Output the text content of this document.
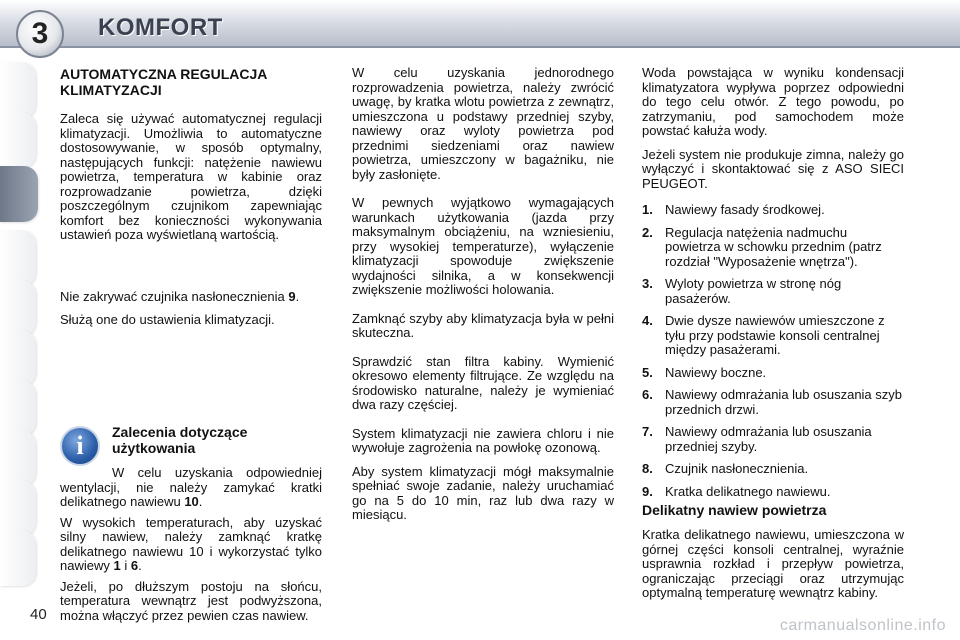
3	KOMFORT
AUTOMATYCZNA REGULACJA KLIMATYZACJI

Zaleca się używać automatycznej regulacji klimatyzacji. Umożliwia to automatyczne dostosowywanie, w sposób optymalny, następujących funkcji: natężenie nawiewu powietrza, temperatura w kabinie oraz rozprowadzanie powietrza, dzięki poszczególnym czujnikom zapewniając komfort bez konieczności wykonywania ustawień poza wyświetlaną wartością.

Nie zakrywać czujnika nasłonecznienia 9.

Służą one do ustawienia klimatyzacji.

i	Zalecenia dotyczące użytkowania

W celu uzyskania odpowiedniej wentylacji, nie należy zamykać kratki delikatnego nawiewu 10.

W wysokich temperaturach, aby uzyskać silny nawiew, należy zamknąć kratkę delikatnego nawiewu 10 i wykorzystać tylko nawiewy 1 i 6.

Jeżeli, po dłuższym postoju na słońcu, temperatura wewnątrz jest podwyższona, można włączyć przez pewien czas nawiew.

W celu uzyskania jednorodnego rozprowadzenia powietrza, należy zwrócić uwagę, by kratka wlotu powietrza z zewnątrz, umieszczona u podstawy przedniej szyby, nawiewy oraz wyloty powietrza pod przednimi siedzeniami oraz nawiew powietrza, umieszczony w bagażniku, nie były zasłonięte.

W pewnych wyjątkowo wymagających warunkach użytkowania (jazda przy maksymalnym obciążeniu, na wzniesieniu, przy wysokiej temperaturze), wyłączenie klimatyzacji spowoduje zwiększenie wydajności silnika, a w konsekwencji zwiększenie możliwości holowania.

Zamknąć szyby aby klimatyzacja była w pełni skuteczna.

Sprawdzić stan filtra kabiny. Wymienić okresowo elementy filtrujące. Ze względu na środowisko naturalne, należy je wymieniać dwa razy częściej.

System klimatyzacji nie zawiera chloru i nie wywołuje zagrożenia na powłokę ozonową.

Aby system klimatyzacji mógł maksymalnie spełniać swoje zadanie, należy uruchamiać go na 5 do 10 min, raz lub dwa razy w miesiącu.

Woda powstająca w wyniku kondensacji klimatyzatora wypływa poprzez odpowiedni do tego celu otwór. Z tego powodu, po zatrzymaniu, pod samochodem może powstać kałuża wody.

Jeżeli system nie produkuje zimna, należy go wyłączyć i skontaktować się z ASO SIECI PEUGEOT.

1. Nawiewy fasady środkowej.
2. Regulacja natężenia nadmuchu powietrza w schowku przednim (patrz rozdział "Wyposażenie wnętrza").
3. Wyloty powietrza w stronę nóg pasażerów.
4. Dwie dysze nawiewów umieszczone z tyłu przy podstawie konsoli centralnej między pasażerami.
5. Nawiewy boczne.
6. Nawiewy odmrażania lub osuszania szyb przednich drzwi.
7. Nawiewy odmrażania lub osuszania przedniej szyby.
8. Czujnik nasłonecznienia.
9. Kratka delikatnego nawiewu.
Delikatny nawiew powietrza

Kratka delikatnego nawiewu, umieszczona w górnej części konsoli centralnej, wyraźnie usprawnia rozkład i przepływ powietrza, ograniczając przeciągi oraz utrzymując optymalną temperaturę wewnątrz kabiny.

40
carmanualsonline.info
